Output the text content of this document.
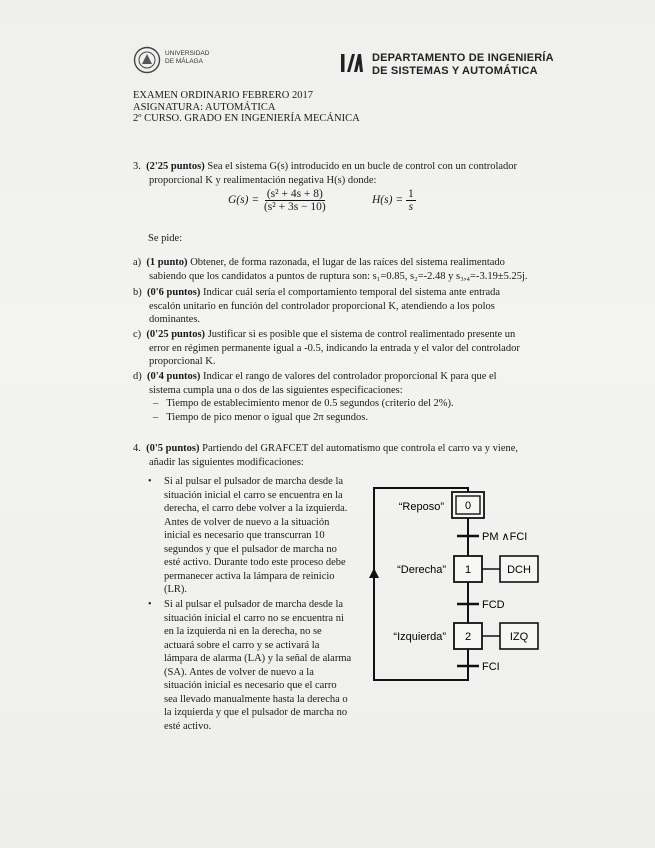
UNIVERSIDAD
DE MÁLAGA	DEPARTAMENTO DE INGENIERÍA
DE SISTEMAS Y AUTOMÁTICA
EXAMEN ORDINARIO FEBRERO 2017
ASIGNATURA: AUTOMÁTICA
2º CURSO. GRADO EN INGENIERÍA MECÁNICA
3. (2'25 puntos) Sea el sistema G(s) introducido en un bucle de control con un controlador
proporcional K y realimentación negativa H(s) donde:
$G(s) = \frac{\text{(s² + 4s + 8)}}{\text{(s² + 3s − 10)}}$	$H(s) = \frac{1}{s}$
Se pide:
a) (1 punto) Obtener, de forma razonada, el lugar de las raíces del sistema realimentado
sabiendo que los candidatos a puntos de ruptura son: s₁=0.85, s₂=-2.48 y s₃,₄=-3.19±5.25j.
b) (0'6 puntos) Indicar cuál sería el comportamiento temporal del sistema ante entrada
escalón unitario en función del controlador proporcional K, atendiendo a los polos
dominantes.
c) (0'25 puntos) Justificar si es posible que el sistema de control realimentado presente un
error en régimen permanente igual a -0.5, indicando la entrada y el valor del controlador
proporcional K.
d) (0'4 puntos) Indicar el rango de valores del controlador proporcional K para que el
sistema cumpla una o dos de las siguientes especificaciones:
– Tiempo de establecimiento menor de 0.5 segundos (criterio del 2%).
– Tiempo de pico menor o igual que 2π segundos.
4. (0'5 puntos) Partiendo del GRAFCET del automatismo que controla el carro va y viene,
añadir las siguientes modificaciones:
• Si al pulsar el pulsador de marcha desde la
situación inicial el carro se encuentra en la
derecha, el carro debe volver a la izquierda.
Antes de volver de nuevo a la situación
inicial es necesario que transcurran 10
segundos y que el pulsador de marcha no
esté activo. Durante todo este proceso debe
permanecer activa la lámpara de reinicio
(LR).
• Si al pulsar el pulsador de marcha desde la
situación inicial el carro no se encuentra ni
en la izquierda ni en la derecha, no se
actuará sobre el carro y se activará la
lámpara de alarma (LA) y la señal de alarma
(SA). Antes de volver de nuevo a la
situación inicial es necesario que el carro
sea llevado manualmente hasta la derecha o
la izquierda y que el pulsador de marcha no
esté activo.
0
“Reposo”
PM ∧FCI
1
“Derecha”	DCH
FCD
2
“Izquierda”	IZQ
FCI
